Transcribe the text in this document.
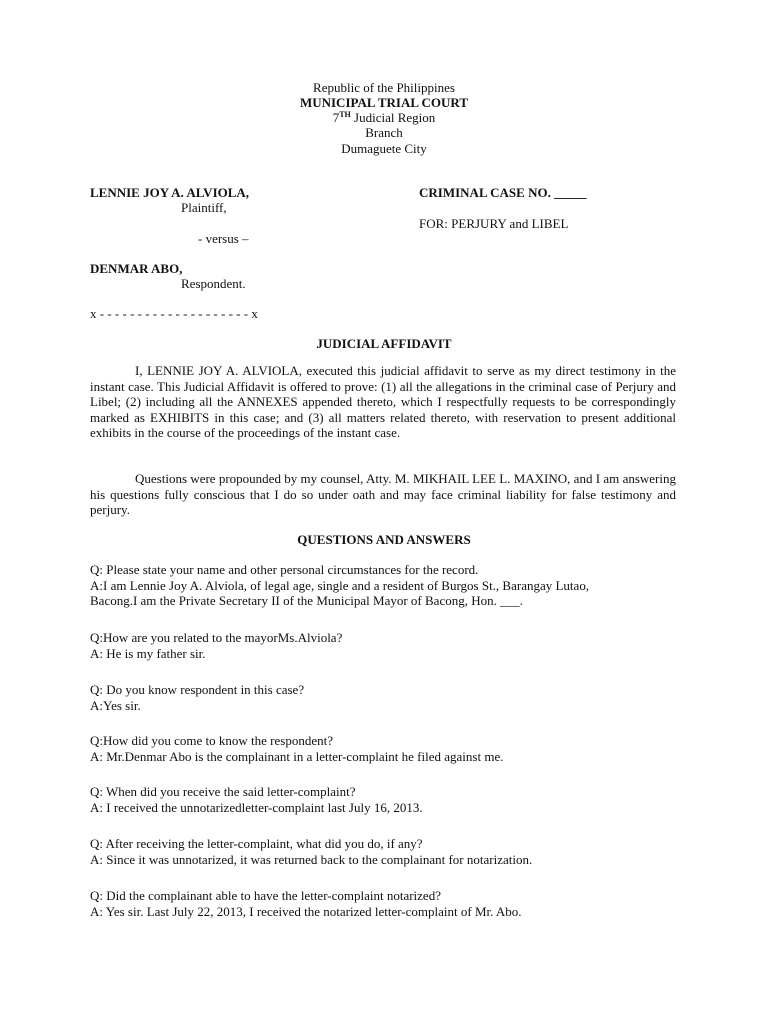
Republic of the Philippines
MUNICIPAL TRIAL COURT
7TH Judicial Region
Branch
Dumaguete City
LENNIE JOY A. ALVIOLA,
Plaintiff,
- versus –
DENMAR ABO,
Respondent.
CRIMINAL CASE NO. _____
FOR: PERJURY and LIBEL
x - - - - - - - - - - - - - - - - - - - - x
JUDICIAL AFFIDAVIT
I, LENNIE JOY A. ALVIOLA, executed this judicial affidavit to serve as my direct testimony in the instant case. This Judicial Affidavit is offered to prove: (1) all the allegations in the criminal case of Perjury and Libel; (2) including all the ANNEXES appended thereto, which I respectfully requests to be correspondingly marked as EXHIBITS in this case; and (3) all matters related thereto, with reservation to present additional exhibits in the course of the proceedings of the instant case.
Questions were propounded by my counsel, Atty. M. MIKHAIL LEE L. MAXINO, and I am answering his questions fully conscious that I do so under oath and may face criminal liability for false testimony and perjury.
QUESTIONS AND ANSWERS
Q: Please state your name and other personal circumstances for the record.
A:I am Lennie Joy A. Alviola, of legal age, single and a resident of Burgos St., Barangay Lutao,
Bacong.I am the Private Secretary II of the Municipal Mayor of Bacong, Hon. ___.
Q:How are you related to the mayorMs.Alviola?
A: He is my father sir.
Q: Do you know respondent in this case?
A:Yes sir.
Q:How did you come to know the respondent?
A: Mr.Denmar Abo is the complainant in a letter-complaint he filed against me.
Q: When did you receive the said letter-complaint?
A: I received the unnotarizedletter-complaint last July 16, 2013.
Q: After receiving the letter-complaint, what did you do, if any?
A: Since it was unnotarized, it was returned back to the complainant for notarization.
Q: Did the complainant able to have the letter-complaint notarized?
A: Yes sir. Last July 22, 2013, I received the notarized letter-complaint of Mr. Abo.
